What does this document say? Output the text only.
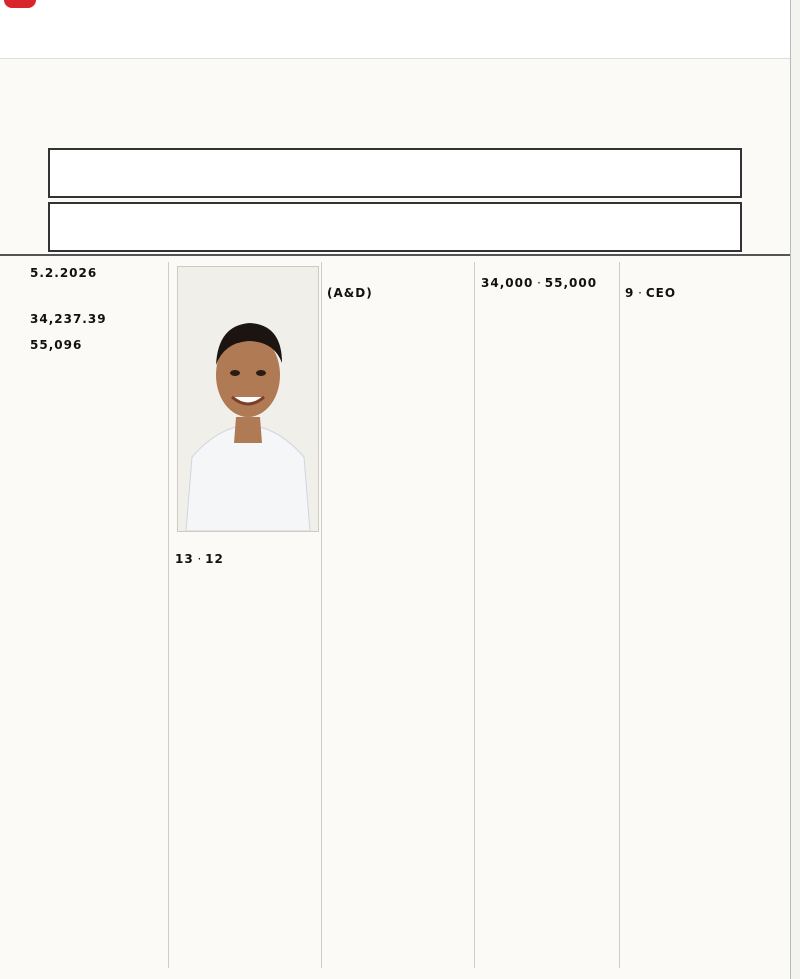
5.2.2026

34,237.39

55,096

13 · 12

(A&D)

34,000 · 55,000

9 · CEO
